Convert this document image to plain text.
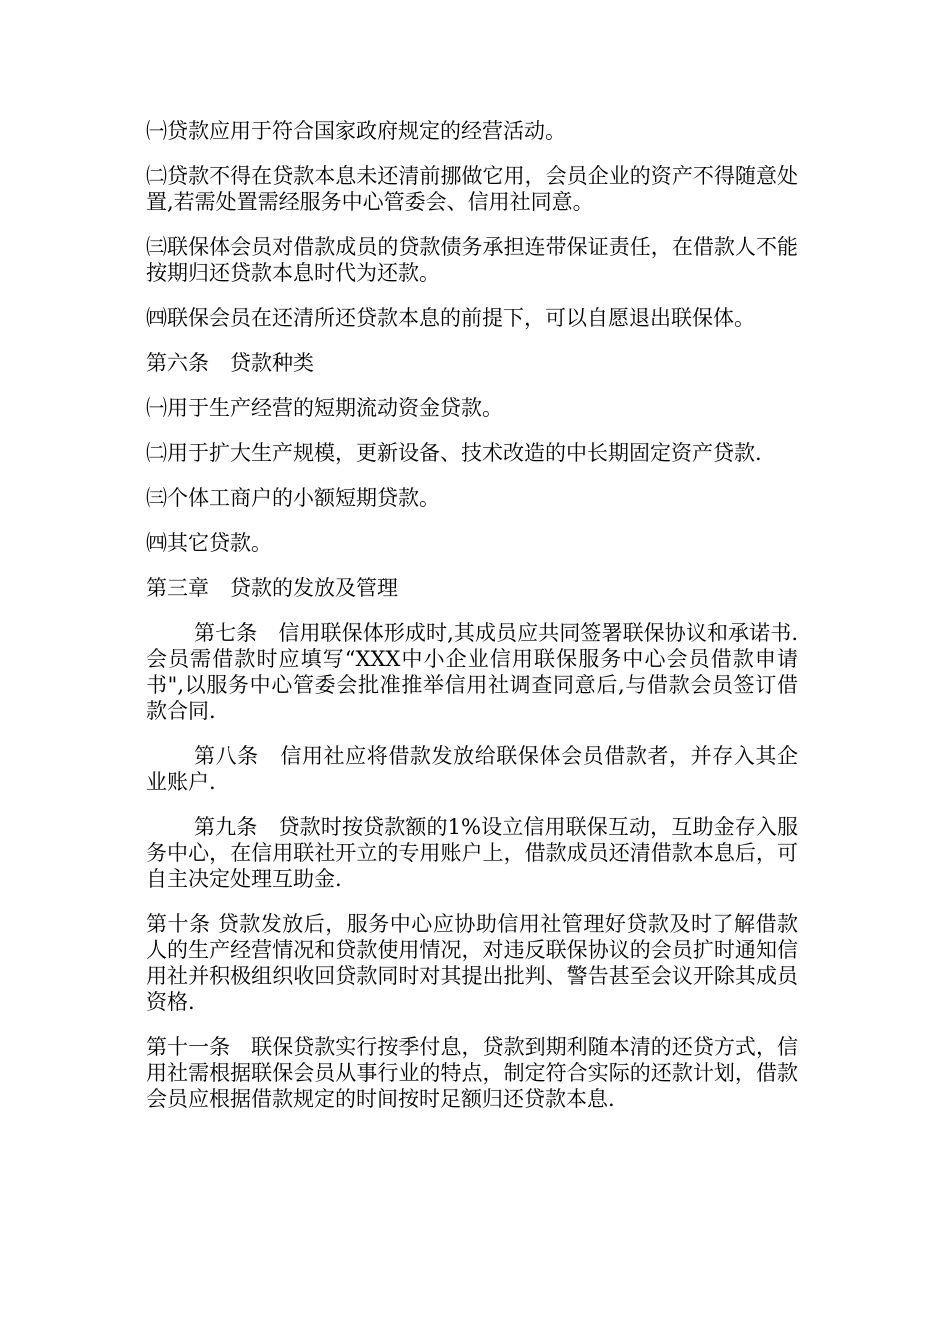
㈠贷款应用于符合国家政府规定的经营活动。

㈡贷款不得在贷款本息未还清前挪做它用，会员企业的资产不得随意处置,若需处置需经服务中心管委会、信用社同意。

㈢联保体会员对借款成员的贷款债务承担连带保证责任，在借款人不能按期归还贷款本息时代为还款。

㈣联保会员在还清所还贷款本息的前提下，可以自愿退出联保体。

第六条　贷款种类

㈠用于生产经营的短期流动资金贷款。

㈡用于扩大生产规模，更新设备、技术改造的中长期固定资产贷款.

㈢个体工商户的小额短期贷款。

㈣其它贷款。

第三章　贷款的发放及管理

第七条　信用联保体形成时,其成员应共同签署联保协议和承诺书.会员需借款时应填写“XXX中小企业信用联保服务中心会员借款申请书",以服务中心管委会批准推举信用社调查同意后,与借款会员签订借款合同.

第八条　信用社应将借款发放给联保体会员借款者，并存入其企业账户.

第九条　贷款时按贷款额的1%设立信用联保互动，互助金存入服务中心，在信用联社开立的专用账户上，借款成员还清借款本息后，可自主决定处理互助金.

第十条 贷款发放后，服务中心应协助信用社管理好贷款及时了解借款人的生产经营情况和贷款使用情况，对违反联保协议的会员扩时通知信用社并积极组织收回贷款同时对其提出批判、警告甚至会议开除其成员资格.

第十一条　联保贷款实行按季付息，贷款到期利随本清的还贷方式，信用社需根据联保会员从事行业的特点，制定符合实际的还款计划，借款会员应根据借款规定的时间按时足额归还贷款本息.
